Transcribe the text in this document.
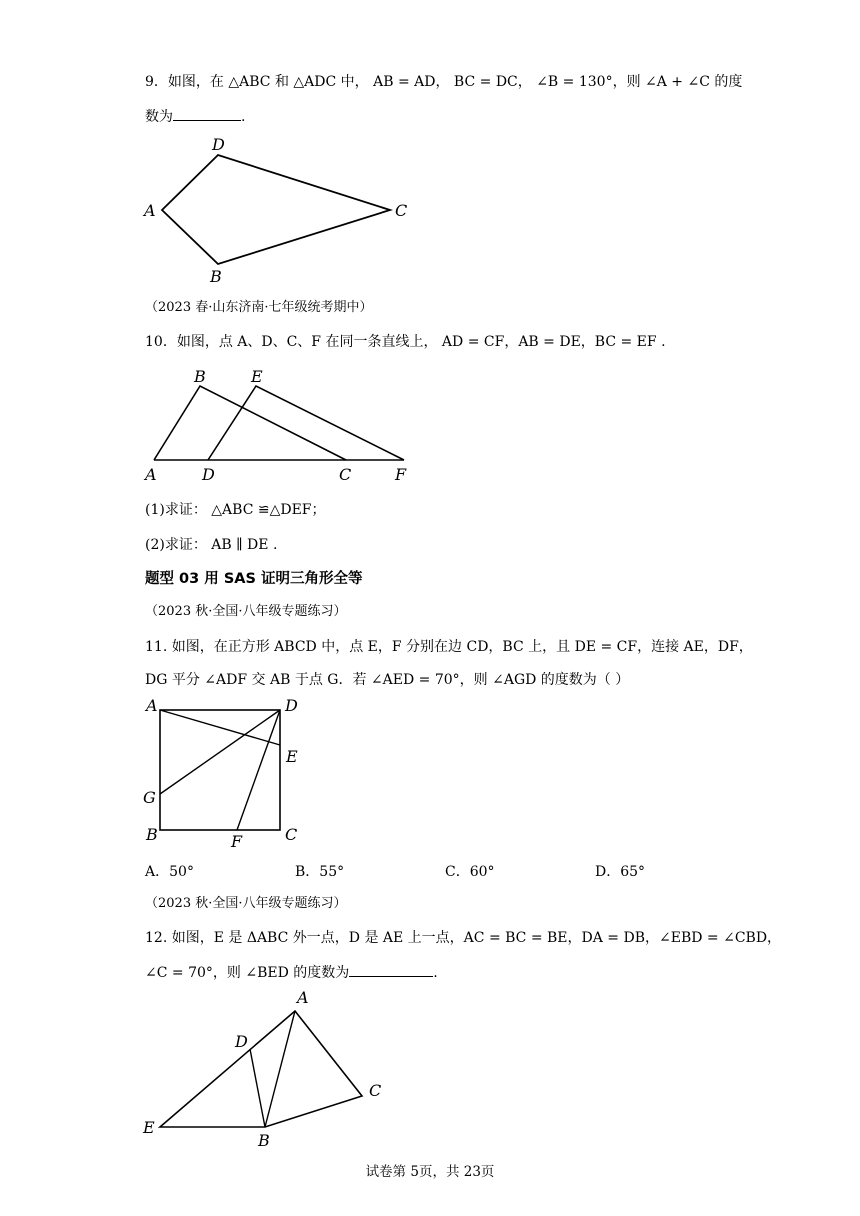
9．如图，在 △ABC 和 △ADC 中， AB = AD， BC = DC， ∠B = 130°，则 ∠A + ∠C 的度
数为	.
A
D
C
B
（2023 春·山东济南·七年级统考期中）
10．如图，点 A、D、C、F 在同一条直线上， AD = CF，AB = DE，BC = EF .
B	E
A	D	C	F
(1)求证： △ABC ≌△DEF；
(2)求证： AB ∥ DE .
题型 03 用 SAS 证明三角形全等
（2023 秋·全国·八年级专题练习）
11. 如图，在正方形 ABCD 中，点 E，F 分别在边 CD，BC 上，且 DE = CF，连接 AE，DF，
DG 平分 ∠ADF 交 AB 于点 G．若 ∠AED = 70°，则 ∠AGD 的度数为（ ）
A	D
E
G
B	C
F
A．50°	B．55°	C．60°	D．65°
（2023 秋·全国·八年级专题练习）
12. 如图，E 是 ΔABC 外一点，D 是 AE 上一点，AC = BC = BE，DA = DB，∠EBD = ∠CBD，
∠C = 70°，则 ∠BED 的度数为	.
A
D
C
E
B
试卷第 5页，共 23页
